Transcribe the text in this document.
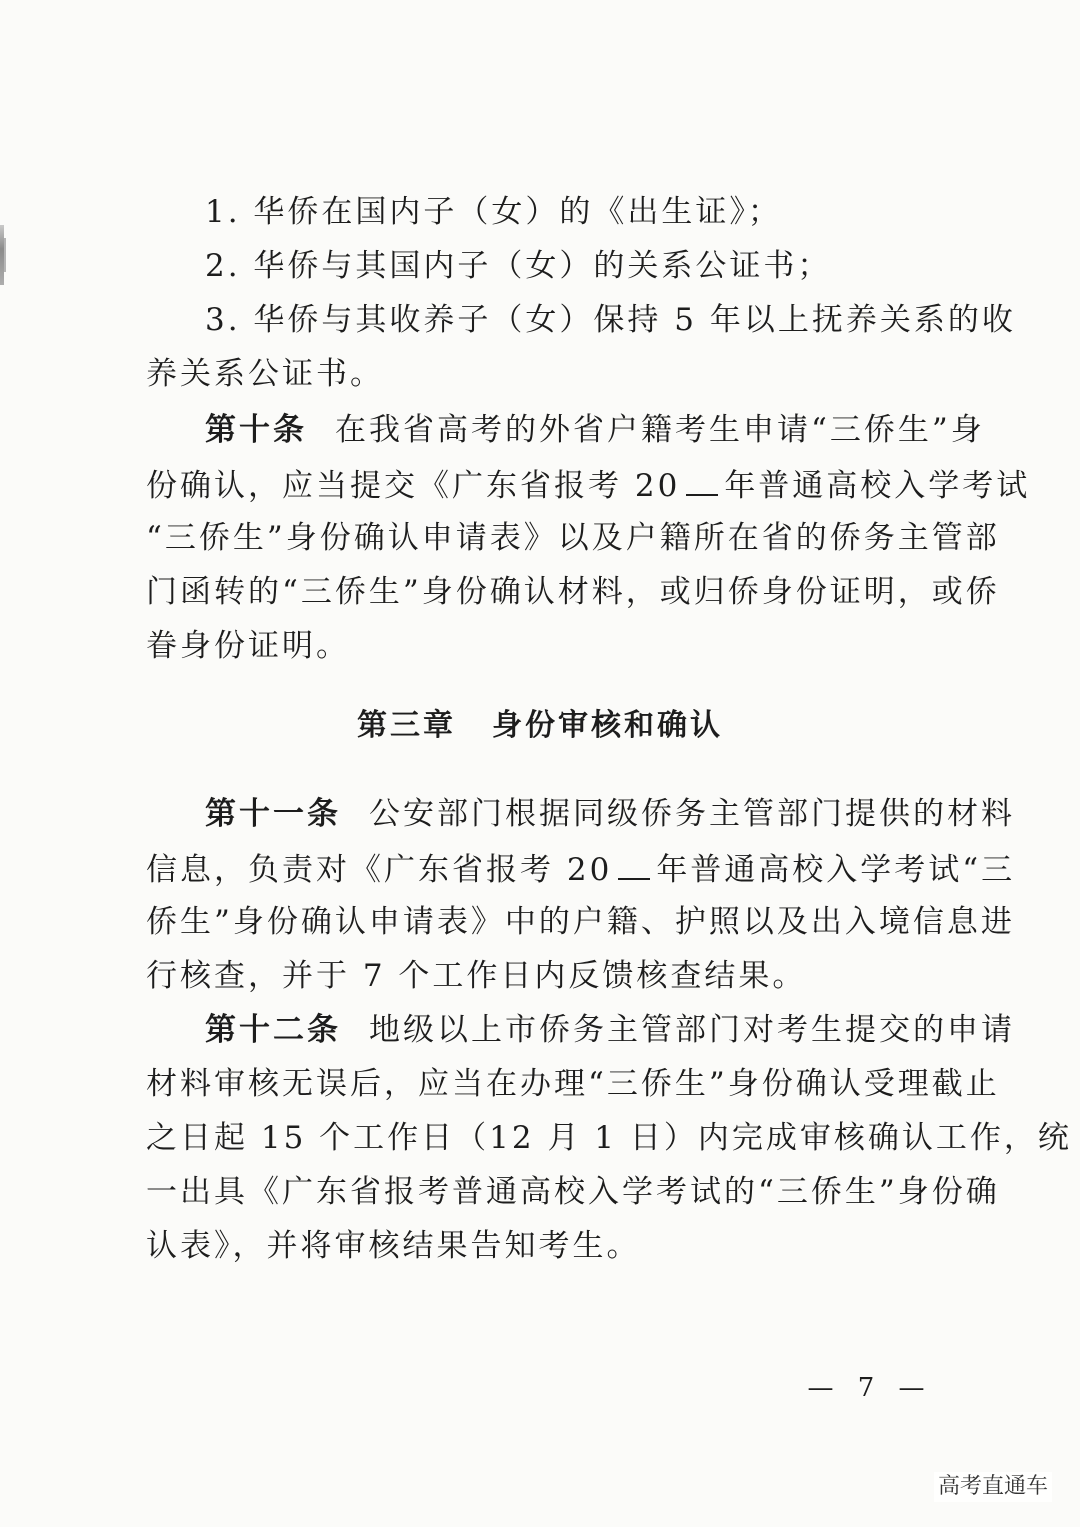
1. 华侨在国内子（女）的《出生证》；
2. 华侨与其国内子（女）的关系公证书；
3. 华侨与其收养子（女）保持 5 年以上抚养关系的收
养关系公证书。
第十条 在我省高考的外省户籍考生申请“三侨生”身
份确认，应当提交《广东省报考 20 年普通高校入学考试
“三侨生”身份确认申请表》以及户籍所在省的侨务主管部
门函转的“三侨生”身份确认材料，或归侨身份证明，或侨
眷身份证明。
第三章 身份审核和确认
第十一条 公安部门根据同级侨务主管部门提供的材料
信息，负责对《广东省报考 20 年普通高校入学考试“三
侨生”身份确认申请表》中的户籍、护照以及出入境信息进
行核查，并于 7 个工作日内反馈核查结果。
第十二条 地级以上市侨务主管部门对考生提交的申请
材料审核无误后，应当在办理“三侨生”身份确认受理截止
之日起 15 个工作日（12 月 1 日）内完成审核确认工作，统
一出具《广东省报考普通高校入学考试的“三侨生”身份确
认表》，并将审核结果告知考生。
— 7 —
高考直通车
